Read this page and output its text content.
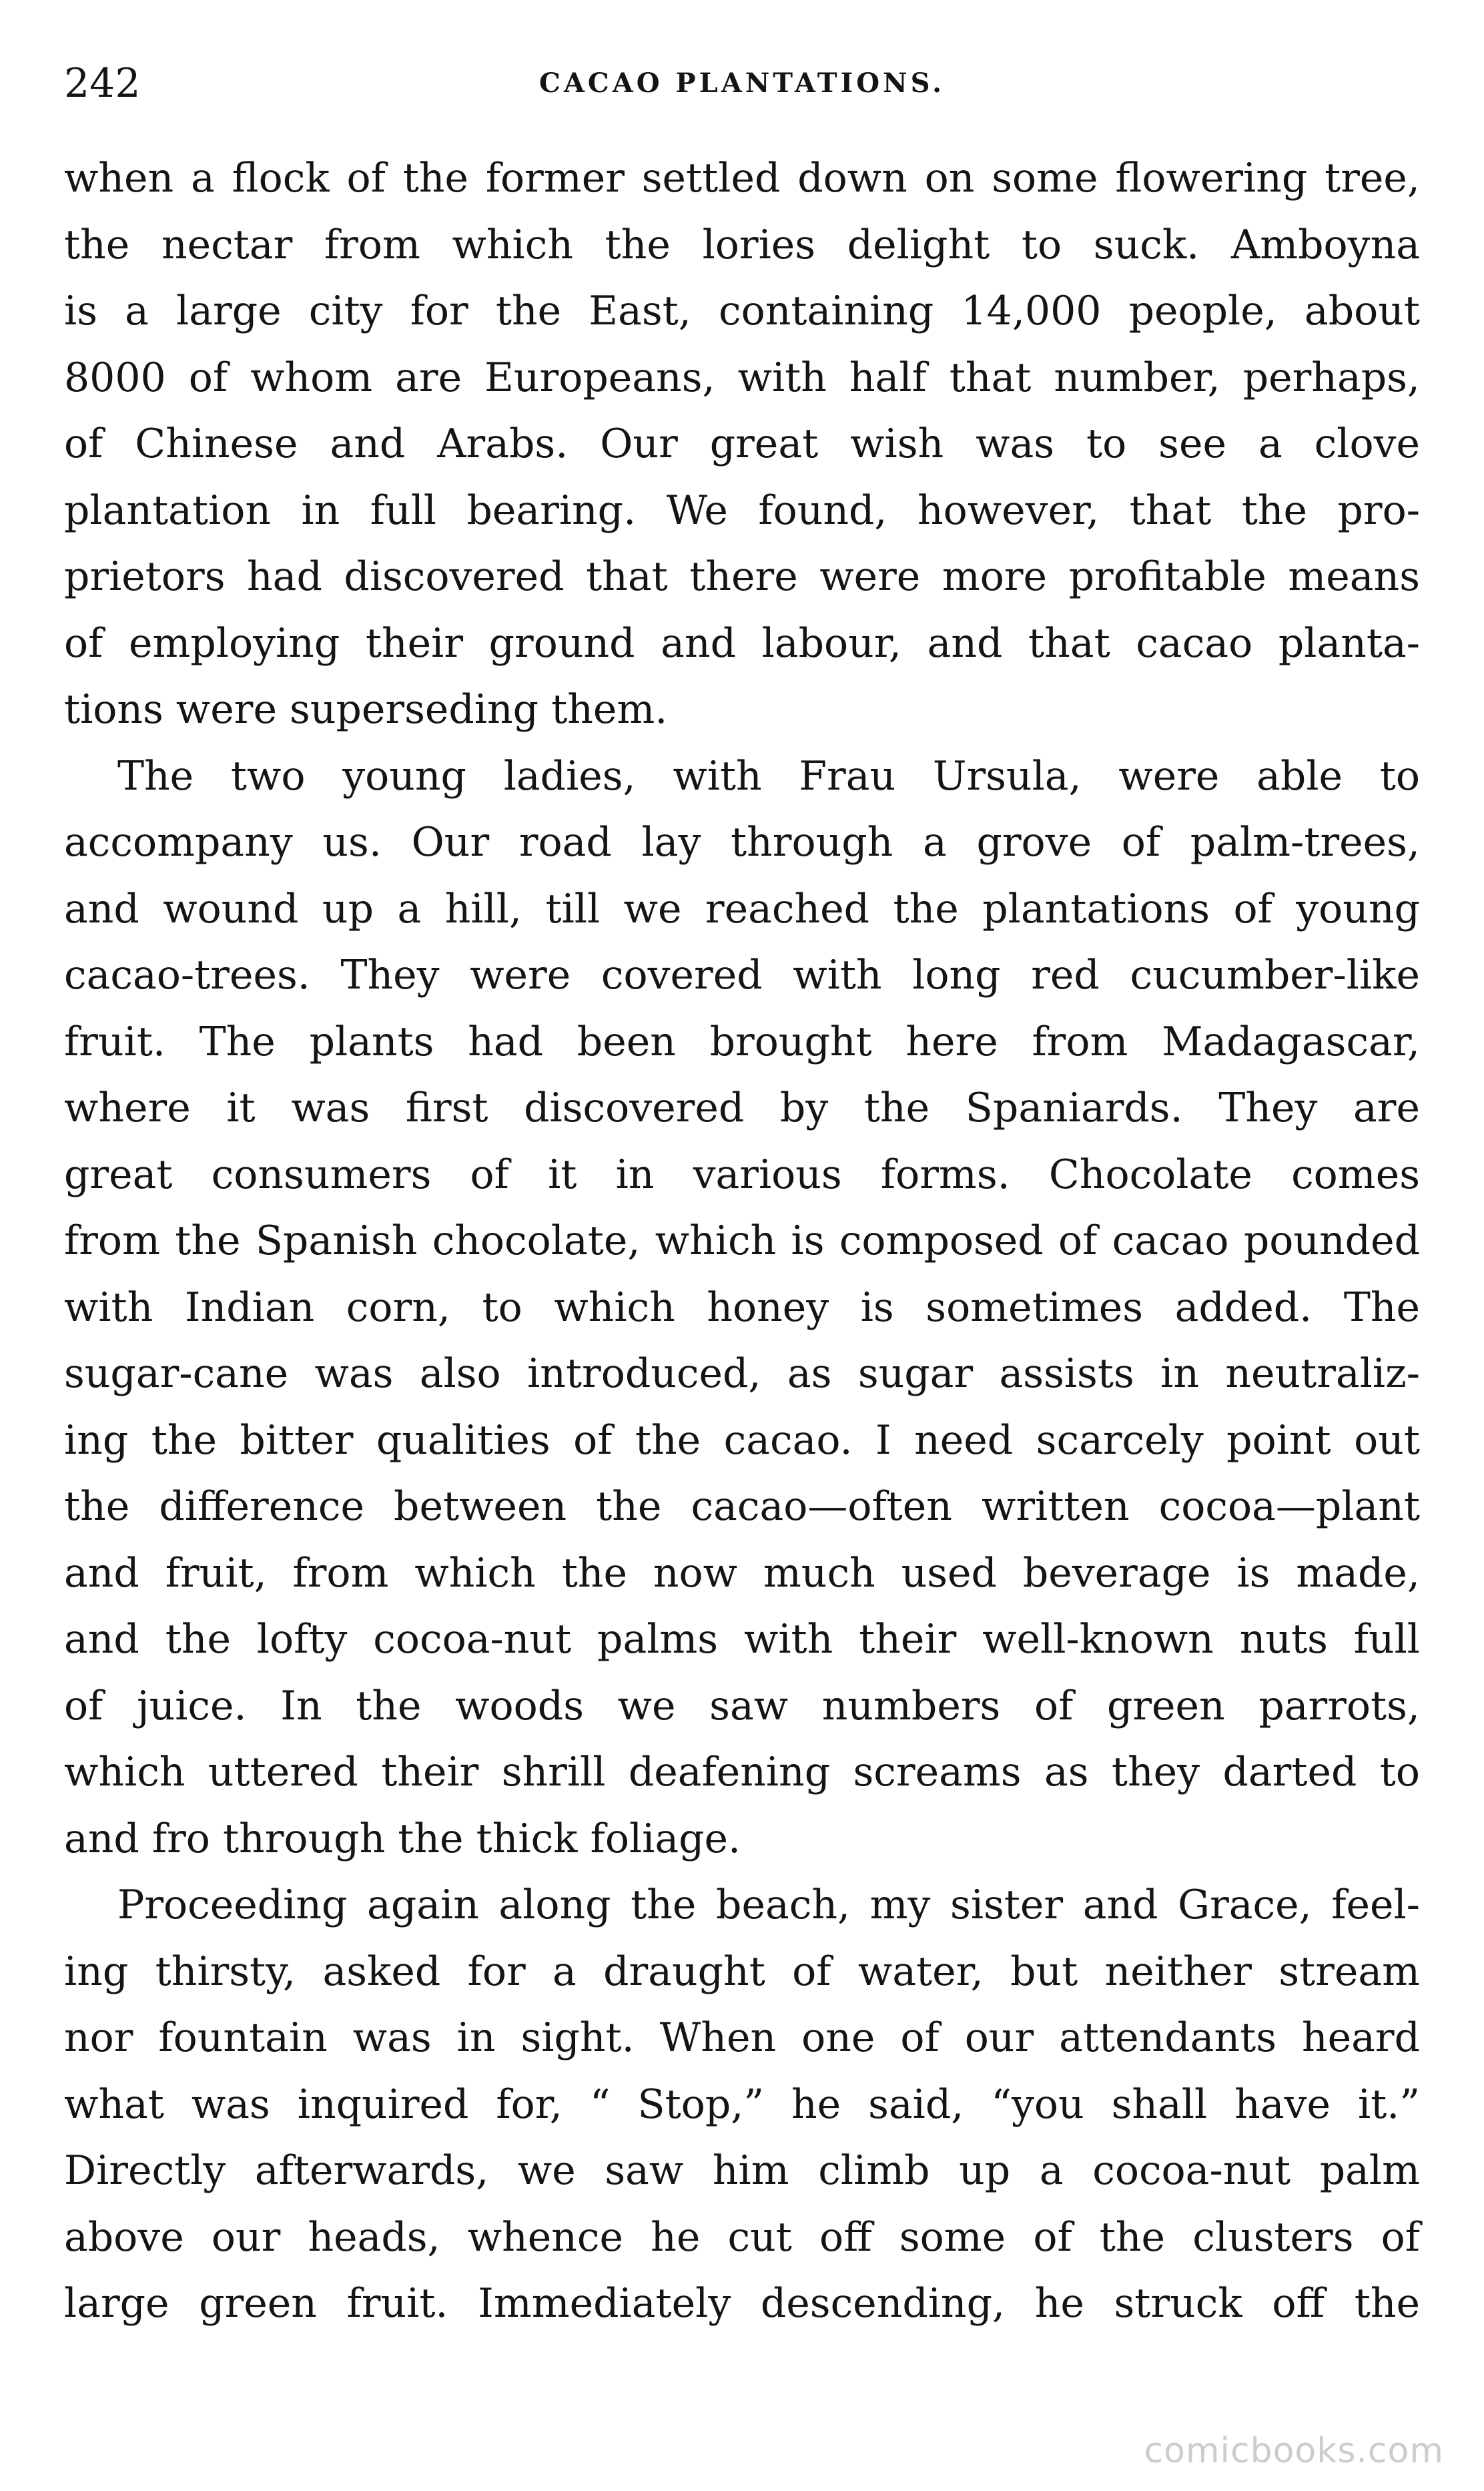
242	CACAO PLANTATIONS.
when a flock of the former settled down on some flowering tree,
the nectar from which the lories delight to suck. Amboyna
is a large city for the East, containing 14,000 people, about
8000 of whom are Europeans, with half that number, perhaps,
of Chinese and Arabs. Our great wish was to see a clove
plantation in full bearing. We found, however, that the pro-
prietors had discovered that there were more profitable means
of employing their ground and labour, and that cacao planta-
tions were superseding them.
The two young ladies, with Frau Ursula, were able to
accompany us. Our road lay through a grove of palm-trees,
and wound up a hill, till we reached the plantations of young
cacao-trees. They were covered with long red cucumber-like
fruit. The plants had been brought here from Madagascar,
where it was first discovered by the Spaniards. They are
great consumers of it in various forms. Chocolate comes
from the Spanish chocolate, which is composed of cacao pounded
with Indian corn, to which honey is sometimes added. The
sugar-cane was also introduced, as sugar assists in neutraliz-
ing the bitter qualities of the cacao. I need scarcely point out
the difference between the cacao—often written cocoa—plant
and fruit, from which the now much used beverage is made,
and the lofty cocoa-nut palms with their well-known nuts full
of juice. In the woods we saw numbers of green parrots,
which uttered their shrill deafening screams as they darted to
and fro through the thick foliage.
Proceeding again along the beach, my sister and Grace, feel-
ing thirsty, asked for a draught of water, but neither stream
nor fountain was in sight. When one of our attendants heard
what was inquired for, “ Stop,” he said, “you shall have it.”
Directly afterwards, we saw him climb up a cocoa-nut palm
above our heads, whence he cut off some of the clusters of
large green fruit. Immediately descending, he struck off the
comicbooks.com
